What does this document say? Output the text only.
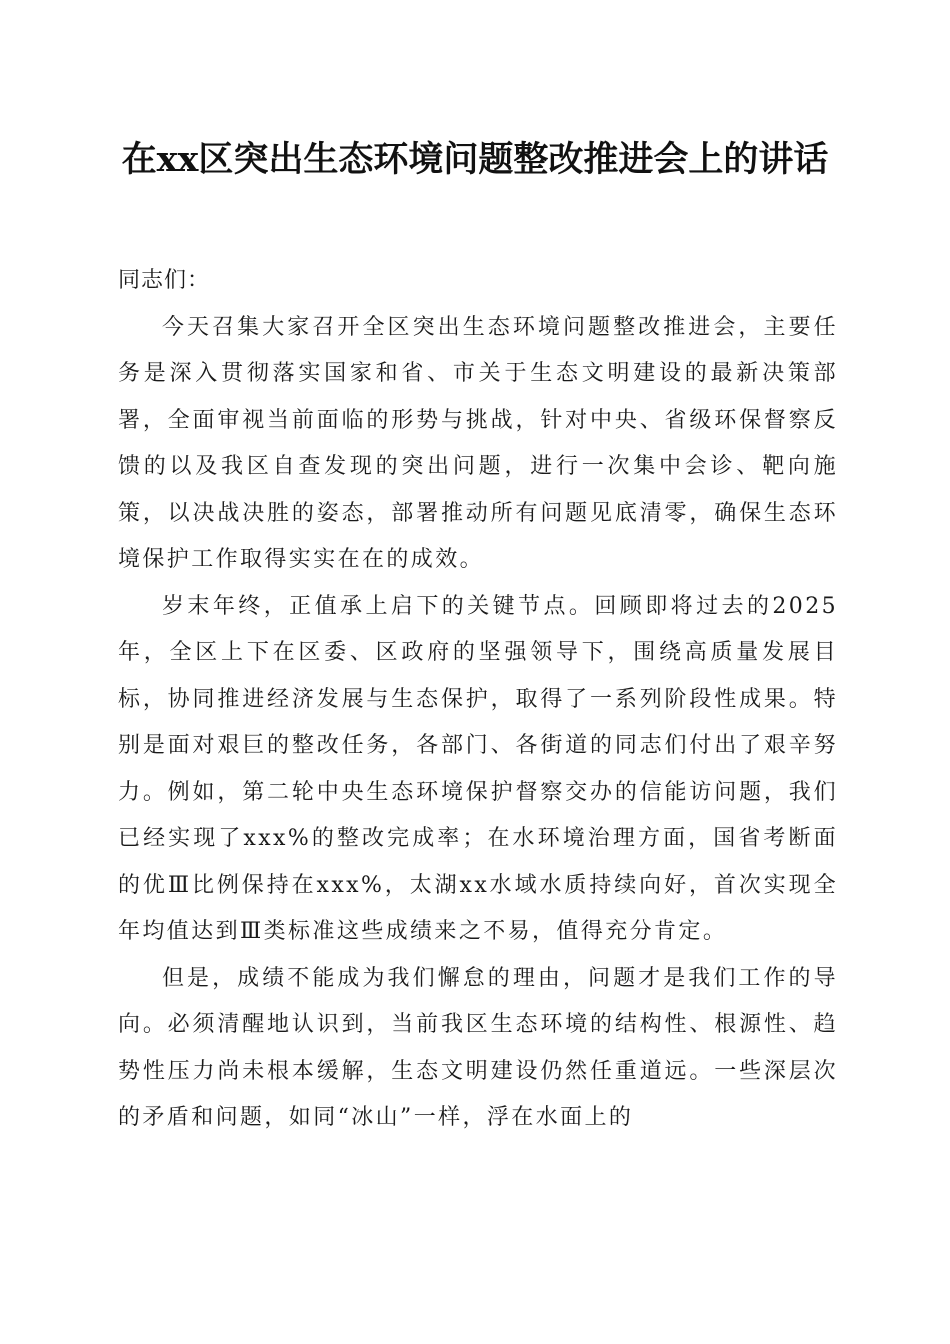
在xx区突出生态环境问题整改推进会上的讲话

同志们：

今天召集大家召开全区突出生态环境问题整改推进会，主要任务是深入贯彻落实国家和省、市关于生态文明建设的最新决策部署，全面审视当前面临的形势与挑战，针对中央、省级环保督察反馈的以及我区自查发现的突出问题，进行一次集中会诊、靶向施策，以决战决胜的姿态，部署推动所有问题见底清零，确保生态环境保护工作取得实实在在的成效。

岁末年终，正值承上启下的关键节点。回顾即将过去的2025年，全区上下在区委、区政府的坚强领导下，围绕高质量发展目标，协同推进经济发展与生态保护，取得了一系列阶段性成果。特别是面对艰巨的整改任务，各部门、各街道的同志们付出了艰辛努力。例如，第二轮中央生态环境保护督察交办的信能访问题，我们已经实现了xxx%的整改完成率；在水环境治理方面，国省考断面的优Ⅲ比例保持在xxx%，太湖xx水域水质持续向好，首次实现全年均值达到Ⅲ类标准这些成绩来之不易，值得充分肯定。

但是，成绩不能成为我们懈怠的理由，问题才是我们工作的导向。必须清醒地认识到，当前我区生态环境的结构性、根源性、趋势性压力尚未根本缓解，生态文明建设仍然任重道远。一些深层次的矛盾和问题，如同“冰山”一样，浮在水面上的
